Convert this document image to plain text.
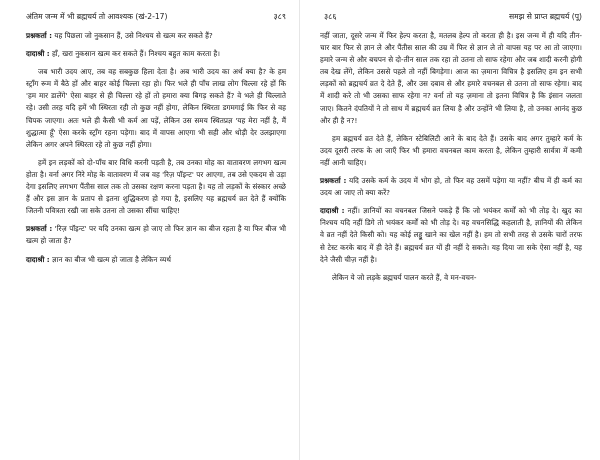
अंतिम जन्म में भी ब्रह्मचर्य तो आवश्यक (खं-2-17)	३८९

प्रश्नकर्ता : यह पिछला जो नुकसान हैं, उसे निश्चय से खत्म कर सकते हैं?

दादाश्री : हाँ, खरा नुकसान खत्म कर सकते हैं। निश्चय बहुत काम करता है।

जब भारी उदय आए, तब वह सबकुछ हिला देता है। अब भारी उदय का अर्थ क्या है? के हम स्ट्रॉंग रूम में बैठे हों और बाहर कोई चिल्ला रहा हो। फिर भले ही पाँच लाख लोग चिल्ला रहे हों कि 'हम मार डालेंगे' ऐसा बाहर से ही चिल्ला रहे हों तो हमारा क्या बिगड़ सकते हैं? वे भले ही चिल्लाते रहे। उसी तरह यदि हमें भी स्थिरता रही तो कुछ नहीं होगा, लेकिन स्थिरता डगमगाई कि फिर से वह चिपक जाएगा। अतः भले ही कैसी भी कर्म आ पड़ें, लेकिन उस समय स्थितप्रज्ञ 'यह मेरा नहीं है, मैं शुद्धात्मा हूँ' ऐसा करके स्ट्रॉंग रहना पड़ेगा। बाद में वापस आएगा भी सही और थोड़ी देर उलझाएगा लेकिन अगर अपने स्थिरता रहे तो कुछ नहीं होगा।

हमें इन लड़कों को दो-पाँच बार विधि करनी पड़ती है, तब उनका मोह का वातावरण लगभग खत्म होता है। वर्ना अगर निरे मोह के वातावरण में जब वह 'रिज़ पॉइन्ट' पर आएगा, तब उसे एकदम से उड़ा देगा इसलिए लगभग पैंतीस साल तक तो उसका रक्षण करना पड़ता है। यह तो लड़कों के संस्कार अच्छे हैं और इस ज्ञान के प्रताप से इतना शुद्धिकरण हो गया है, इसलिए यह ब्रह्मचर्य व्रत देते हैं क्योंकि जितनी पवित्रता रखी जा सके उतना तो उसका सींचा चाहिए!

प्रश्नकर्ता : 'रिज़ पॉइन्ट' पर यदि उनका खत्म हो जाए तो फिर ज्ञान का बीज रहता है या फिर बीज भी खत्म हो जाता है?

दादाश्री : ज्ञान का बीज भी खत्म हो जाता है लेकिन व्यर्थ

३८६	समझ से प्राप्त ब्रह्मचर्य (पू)

नहीं जाता, दूसरे जन्म में फिर हेल्प करता है, मतलब हेल्प तो करता ही है। इस जन्म में ही यदि तीन-चार बार फिर से ज्ञान ले और पैंतीस साल की उम्र में फिर से ज्ञान ले तो वापस यह पर आ तो जाएगा। हमारे जन्म से और बचपन से दो-तीन साल तक रहा तो उतना तो साफ रहेगा और जब शादी करनी होगी तब देख लेंगे, लेकिन उससे पहले तो नहीं बिगड़ेगा। आज का ज़माना विचित्र है इसलिए हम इन सभी लड़कों को ब्रह्मचर्य व्रत दे देते हैं, और उस दबाव से और हमारे वचनबल से उतना तो साफ रहेगा। बाद में शादी करे तो भी उसका साफ रहेगा न? वर्ना तो यह ज़माना तो इतना विचित्र है कि इंसान जलता जाए। कितने दंपतियों ने तो साथ में ब्रह्मचर्य व्रत लिया है और उन्होंने भी लिया है, तो उनका आनंद कुछ और ही है न?!

हम ब्रह्मचर्य व्रत देते हैं, लेकिन स्टेबिलिटी आने के बाद देते हैं। उसके बाद अगर तुम्हारे कर्म के उदय दूसरी तरफ के आ जाएँ फिर भी हमारा वचनबल काम करता है, लेकिन तुम्हारी सार्वत्रा में कमी नहीं आनी चाहिए।

प्रश्नकर्ता : यदि उसके कर्म के उदय में भोग हो, तो फिर वह उसमें पड़ेगा या नहीं? बीच में ही कर्म का उदय आ जाए तो क्या करें?

दादाश्री : नहीं। ज्ञानियों का वचनबल जिसने पकड़े हैं कि जो भयंकर कर्मों को भी तोड़ दे। खुद का निश्चय यदि नहीं डिगे तो भयंकर कर्मों को भी तोड़ दे। वह वचनसिद्धि कहलाती है, ज्ञानियों की लेकिन वे व्रत नहीं देते किसी को। यह कोई लड्डू खाने का खेल नहीं है। हम तो सभी तरह से उसके चारों तरफ से टेस्ट करके बाद में ही देते हैं। ब्रह्मचर्य व्रत यों ही नहीं दे सकते। यह दिया जा सके ऐसा नहीं है, यह देने जैसी चीज़ नहीं है।

लेकिन ये जो लड़के ब्रह्मचर्य पालन करते हैं, वे मन-वचन-
